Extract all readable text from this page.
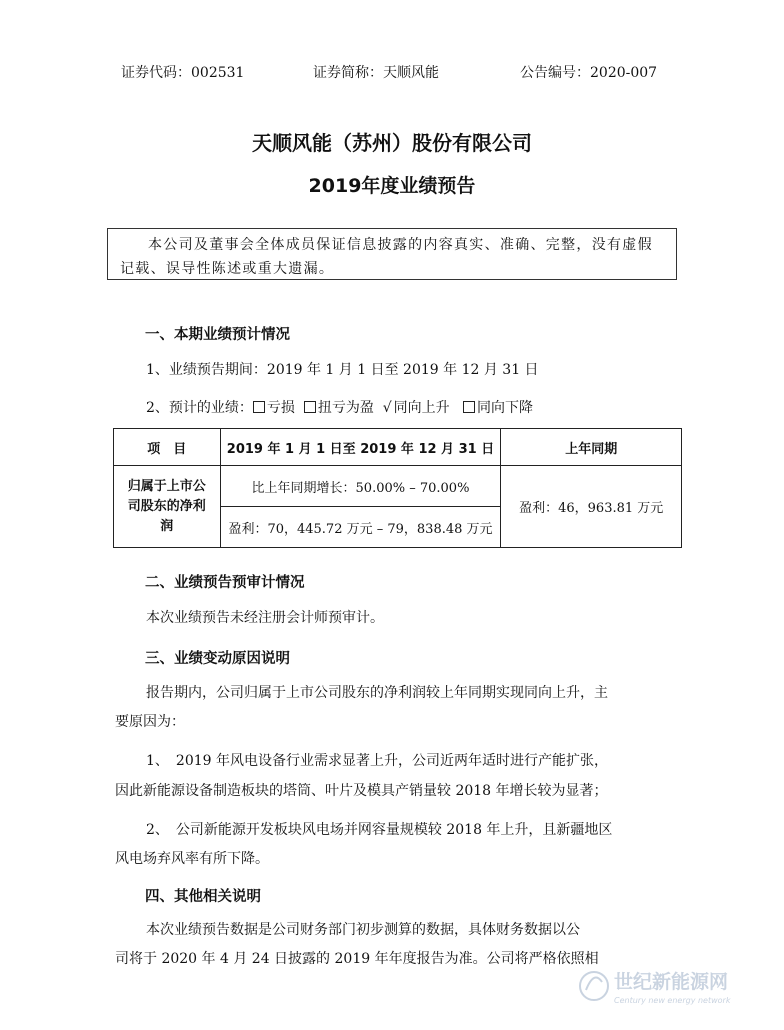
证券代码：002531	证券简称：天顺风能	公告编号：2020-007
天顺风能（苏州）股份有限公司
2019年度业绩预告
本公司及董事会全体成员保证信息披露的内容真实、准确、完整，没有虚假记载、误导性陈述或重大遗漏。
一、本期业绩预计情况
1、业绩预告期间：2019 年 1 月 1 日至 2019 年 12 月 31 日
2、预计的业绩： 亏损 扭亏为盈 √ 同向上升 同向下降
项　目	2019 年 1 月 1 日至 2019 年 12 月 31 日	上年同期
归属于上市公
司股东的净利
润	比上年同期增长：50.00% – 70.00%	盈利：46，963.81 万元
	盈利：70，445.72 万元 – 79，838.48 万元	
二、业绩预告预审计情况
本次业绩预告未经注册会计师预审计。
三、业绩变动原因说明
报告期内，公司归属于上市公司股东的净利润较上年同期实现同向上升，主
要原因为：
1、　2019 年风电设备行业需求显著上升，公司近两年适时进行产能扩张，
因此新能源设备制造板块的塔筒、叶片及模具产销量较 2018 年增长较为显著；
2、　公司新能源开发板块风电场并网容量规模较 2018 年上升，且新疆地区
风电场弃风率有所下降。
四、其他相关说明
本次业绩预告数据是公司财务部门初步测算的数据，具体财务数据以公
司将于 2020 年 4 月 24 日披露的 2019 年年度报告为准。公司将严格依照相
世纪新能源网
Century new energy network
